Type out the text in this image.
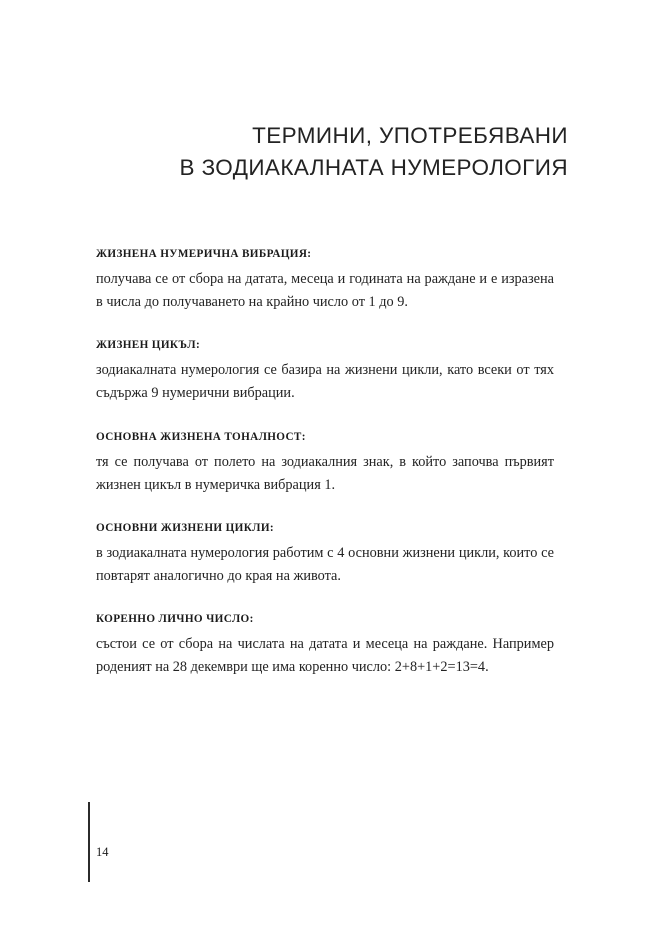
ТЕРМИНИ, УПОТРЕБЯВАНИ
В ЗОДИАКАЛНАТА НУМЕРОЛОГИЯ
ЖИЗНЕНА НУМЕРИЧНА ВИБРАЦИЯ:
получава се от сбора на датата, месеца и годината на раждане и е изразена в числа до получаването на крайно число от 1 до 9.
ЖИЗНЕН ЦИКЪЛ:
зодиакалната нумерология се базира на жизнени цикли, като всеки от тях съдържа 9 нумерични вибрации.
ОСНОВНА ЖИЗНЕНА ТОНАЛНОСТ:
тя се получава от полето на зодиакалния знак, в който започва първият жизнен цикъл в нумеричка вибрация 1.
ОСНОВНИ ЖИЗНЕНИ ЦИКЛИ:
в зодиакалната нумерология работим с 4 основни жизнени цикли, които се повтарят аналогично до края на живота.
КОРЕННО ЛИЧНО ЧИСЛО:
състои се от сбора на числата на датата и месеца на раждане. Например роденият на 28 декември ще има коренно число: 2+8+1+2=13=4.
14
